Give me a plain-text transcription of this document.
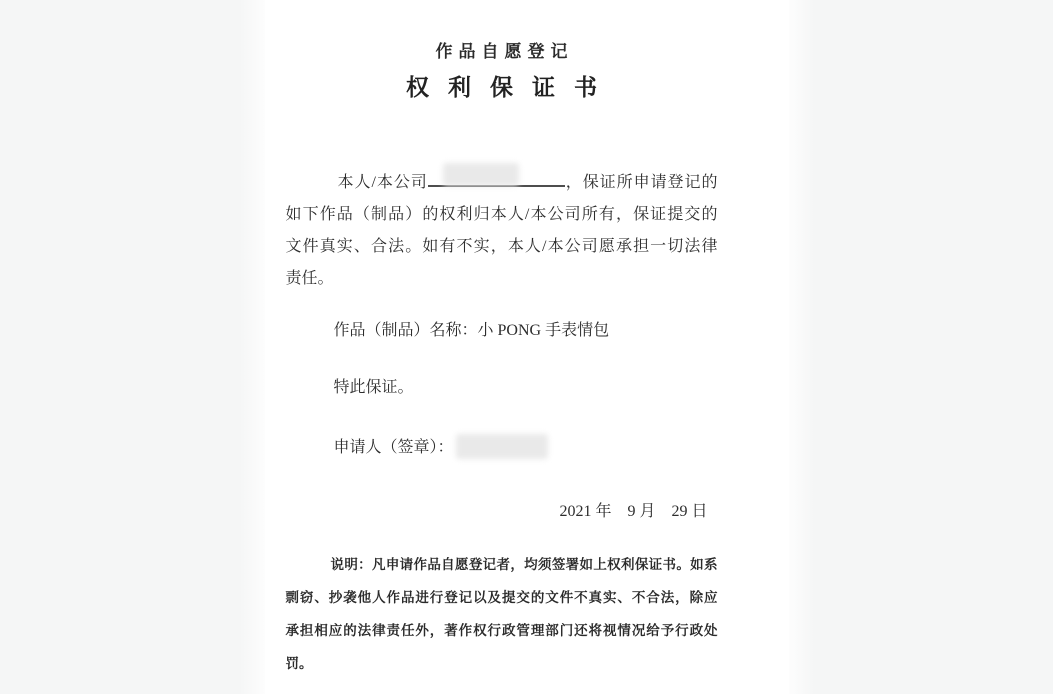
作品自愿登记
权利保证书
本人/本公司	，保证所申请登记的
如下作品（制品）的权利归本人/本公司所有，保证提交的
文件真实、合法。如有不实，本人/本公司愿承担一切法律
责任。
作品（制品）名称：小 PONG 手表情包
特此保证。
申请人（签章）：
2021 年　9 月　29 日
说明：凡申请作品自愿登记者，均须签署如上权利保证书。如系
剽窃、抄袭他人作品进行登记以及提交的文件不真实、不合法，除应
承担相应的法律责任外，著作权行政管理部门还将视情况给予行政处
罚。
